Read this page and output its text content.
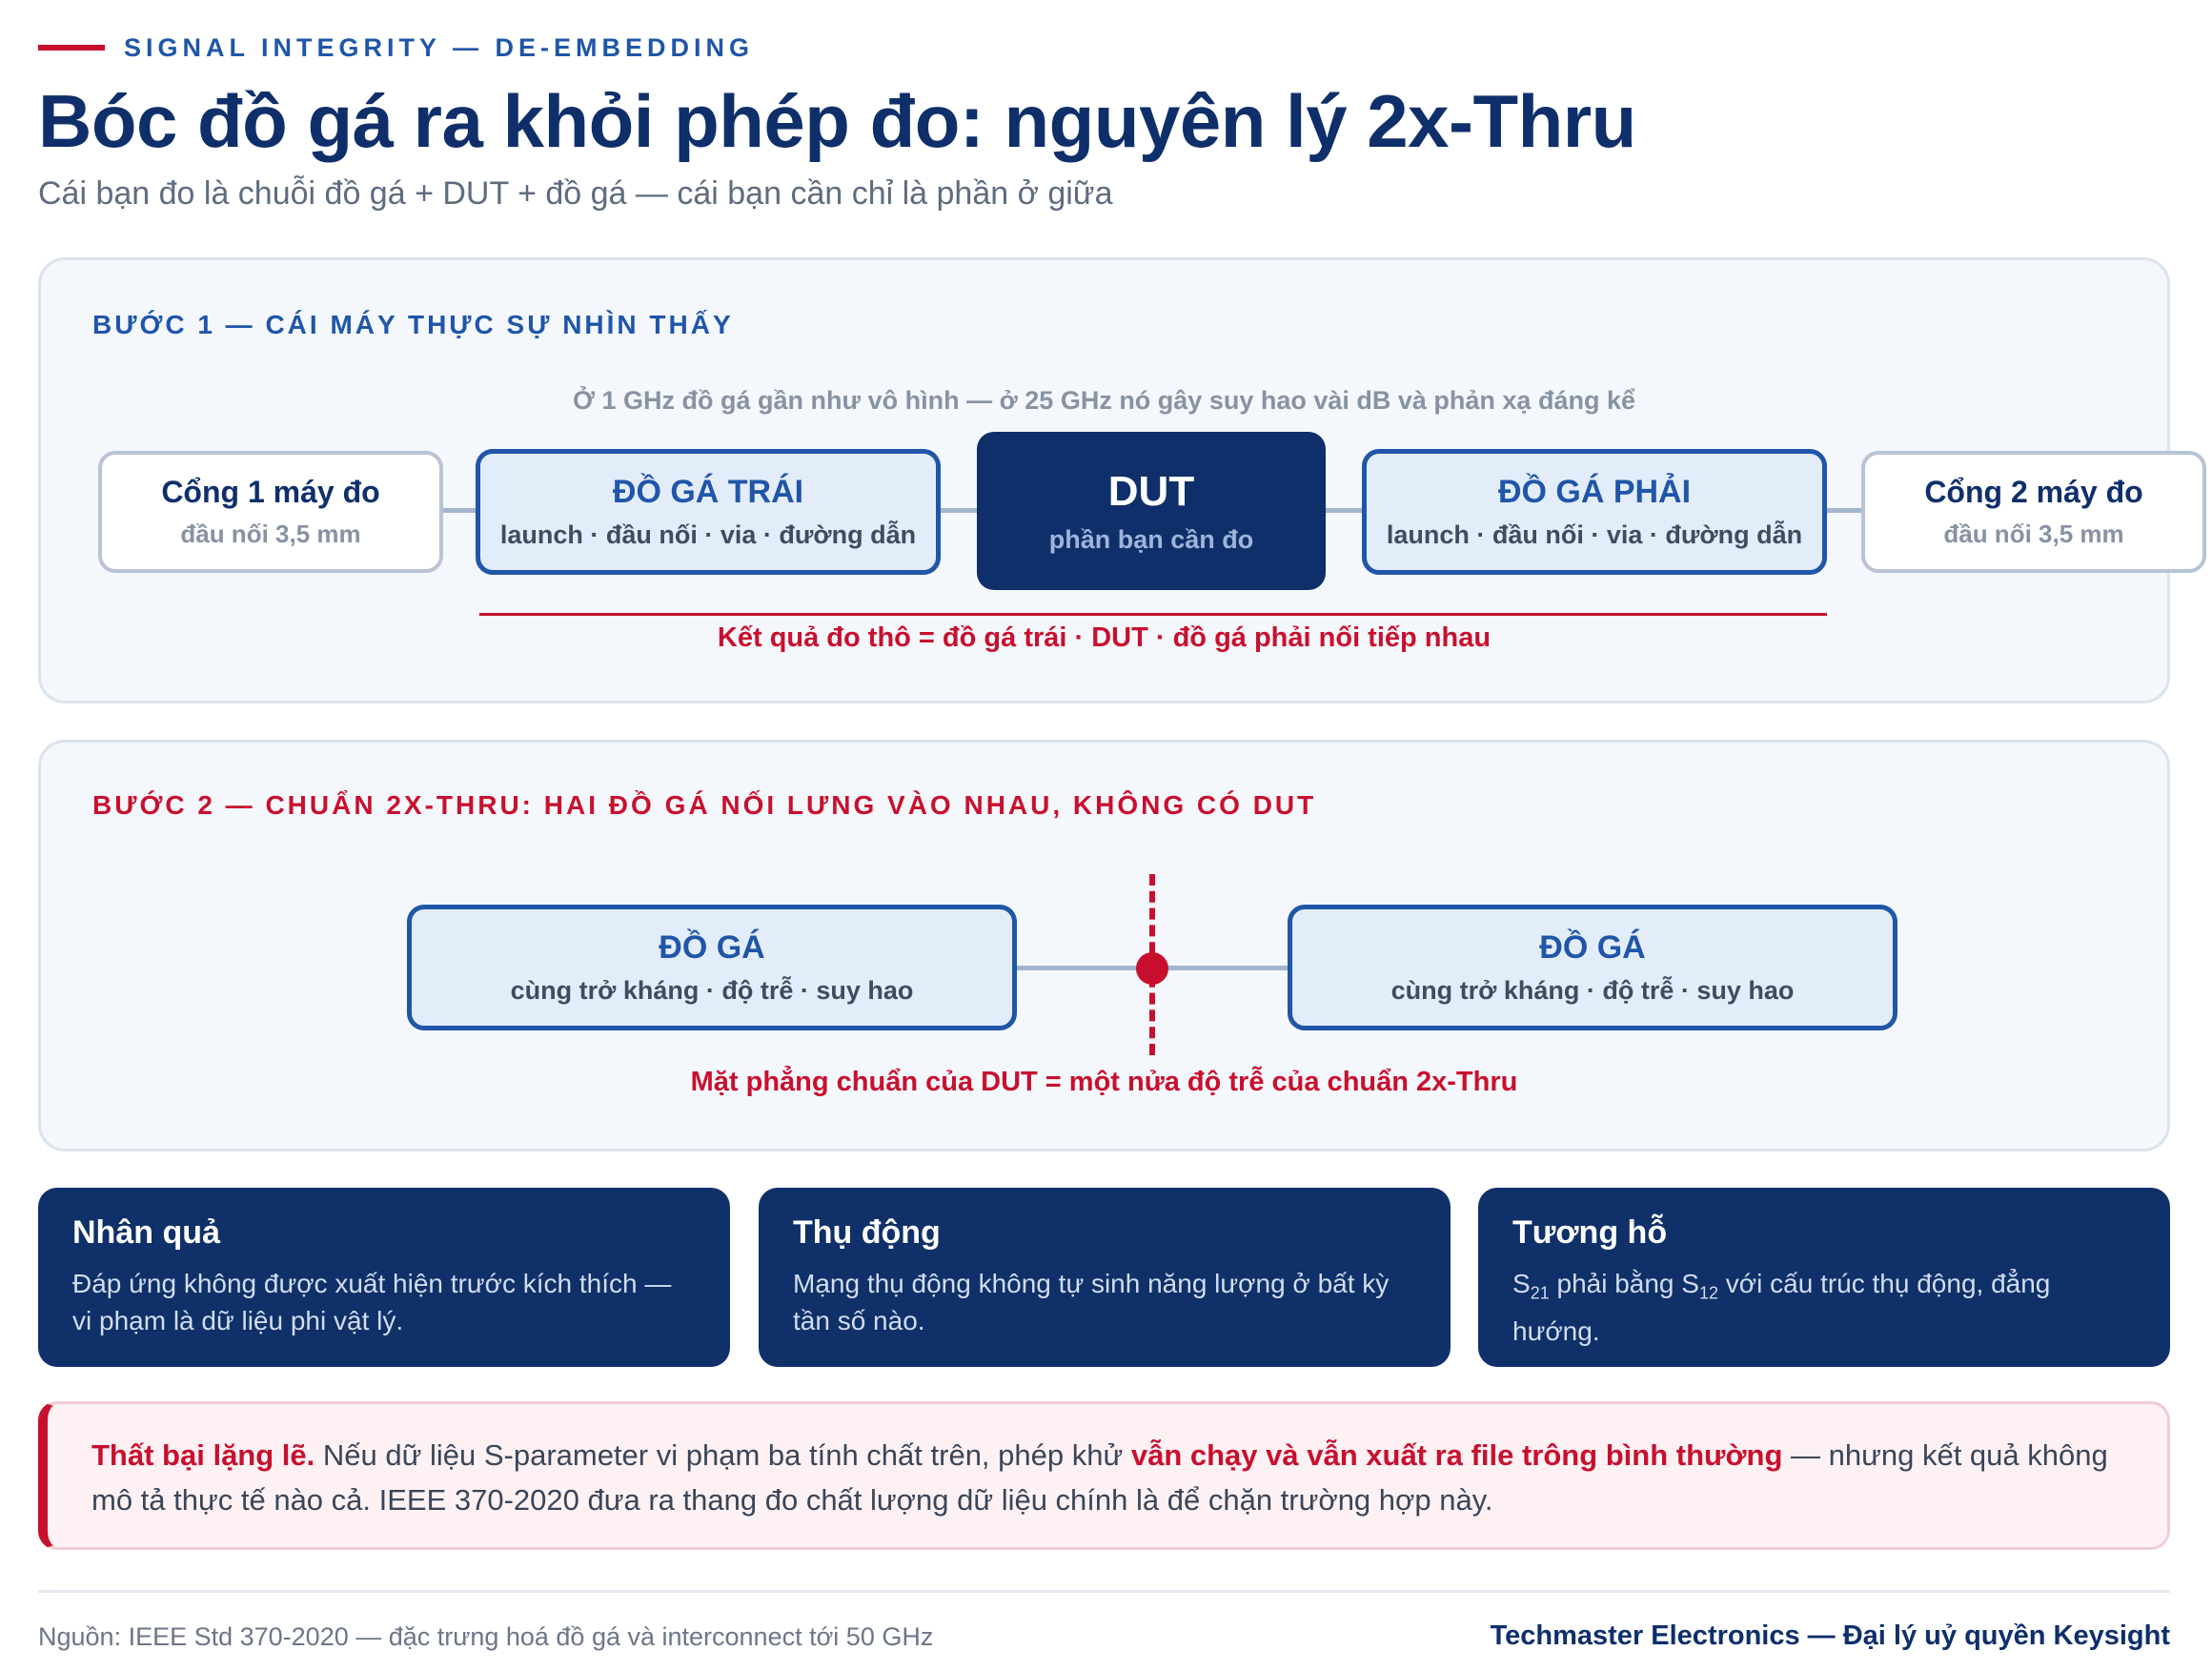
SIGNAL INTEGRITY — DE-EMBEDDING
Bóc đồ gá ra khỏi phép đo: nguyên lý 2x-Thru
Cái bạn đo là chuỗi đồ gá + DUT + đồ gá — cái bạn cần chỉ là phần ở giữa
BƯỚC 1 — CÁI MÁY THỰC SỰ NHÌN THẤY
Ở 1 GHz đồ gá gần như vô hình — ở 25 GHz nó gây suy hao vài dB và phản xạ đáng kể
Cổng 1 máy đo
đầu nối 3,5 mm
ĐỒ GÁ TRÁI
launch · đầu nối · via · đường dẫn
DUT
phần bạn cần đo
ĐỒ GÁ PHẢI
launch · đầu nối · via · đường dẫn
Cổng 2 máy đo
đầu nối 3,5 mm
Kết quả đo thô = đồ gá trái · DUT · đồ gá phải nối tiếp nhau
BƯỚC 2 — CHUẨN 2X-THRU: HAI ĐỒ GÁ NỐI LƯNG VÀO NHAU, KHÔNG CÓ DUT
ĐỒ GÁ
cùng trở kháng · độ trễ · suy hao
ĐỒ GÁ
cùng trở kháng · độ trễ · suy hao
Mặt phẳng chuẩn của DUT = một nửa độ trễ của chuẩn 2x-Thru
Nhân quả
Đáp ứng không được xuất hiện trước kích thích — vi phạm là dữ liệu phi vật lý.
Thụ động
Mạng thụ động không tự sinh năng lượng ở bất kỳ tần số nào.
Tương hỗ
$S_{21}$ phải bằng $S_{12}$ với cấu trúc thụ động, đẳng hướng.

Thất bại lặng lẽ. Nếu dữ liệu S-parameter vi phạm ba tính chất trên, phép khử vẫn chạy và vẫn xuất ra file trông bình thường — nhưng kết quả không mô tả thực tế nào cả. IEEE 370-2020 đưa ra thang đo chất lượng dữ liệu chính là để chặn trường hợp này.

Nguồn: IEEE Std 370-2020 — đặc trưng hoá đồ gá và interconnect tới 50 GHz	Techmaster Electronics — Đại lý uỷ quyền Keysight
